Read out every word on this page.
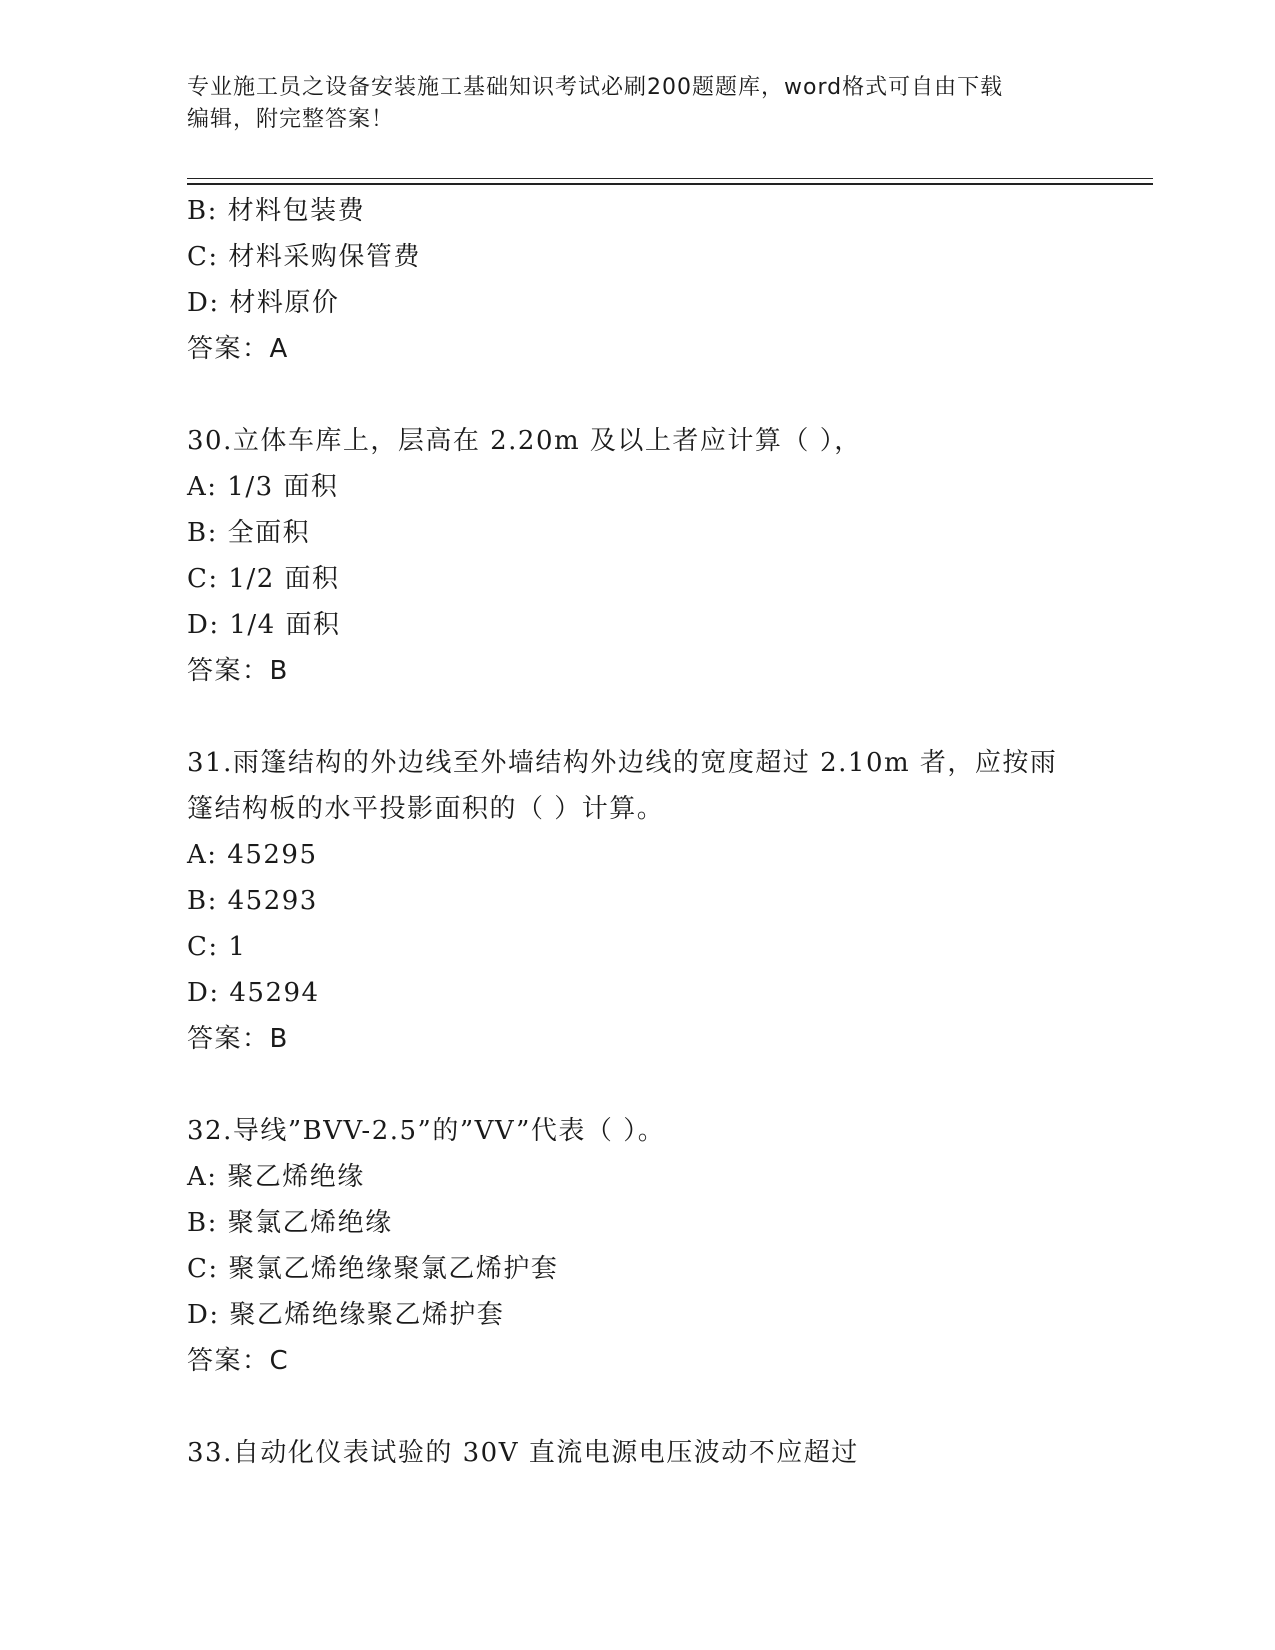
专业施工员之设备安装施工基础知识考试必刷200题题库，word格式可自由下载
编辑，附完整答案！
B: 材料包装费
C: 材料采购保管费
D: 材料原价
答案：A
30.立体车库上，层高在 2.20m 及以上者应计算（ ），
A: 1/3 面积
B: 全面积
C: 1/2 面积
D: 1/4 面积
答案：B
31.雨篷结构的外边线至外墙结构外边线的宽度超过 2.10m 者，应按雨
篷结构板的水平投影面积的（ ）计算。
A: 45295
B: 45293
C: 1
D: 45294
答案：B
32.导线”BVV-2.5”的”VV”代表（ ）。
A: 聚乙烯绝缘
B: 聚氯乙烯绝缘
C: 聚氯乙烯绝缘聚氯乙烯护套
D: 聚乙烯绝缘聚乙烯护套
答案：C
33.自动化仪表试验的 30V 直流电源电压波动不应超过
